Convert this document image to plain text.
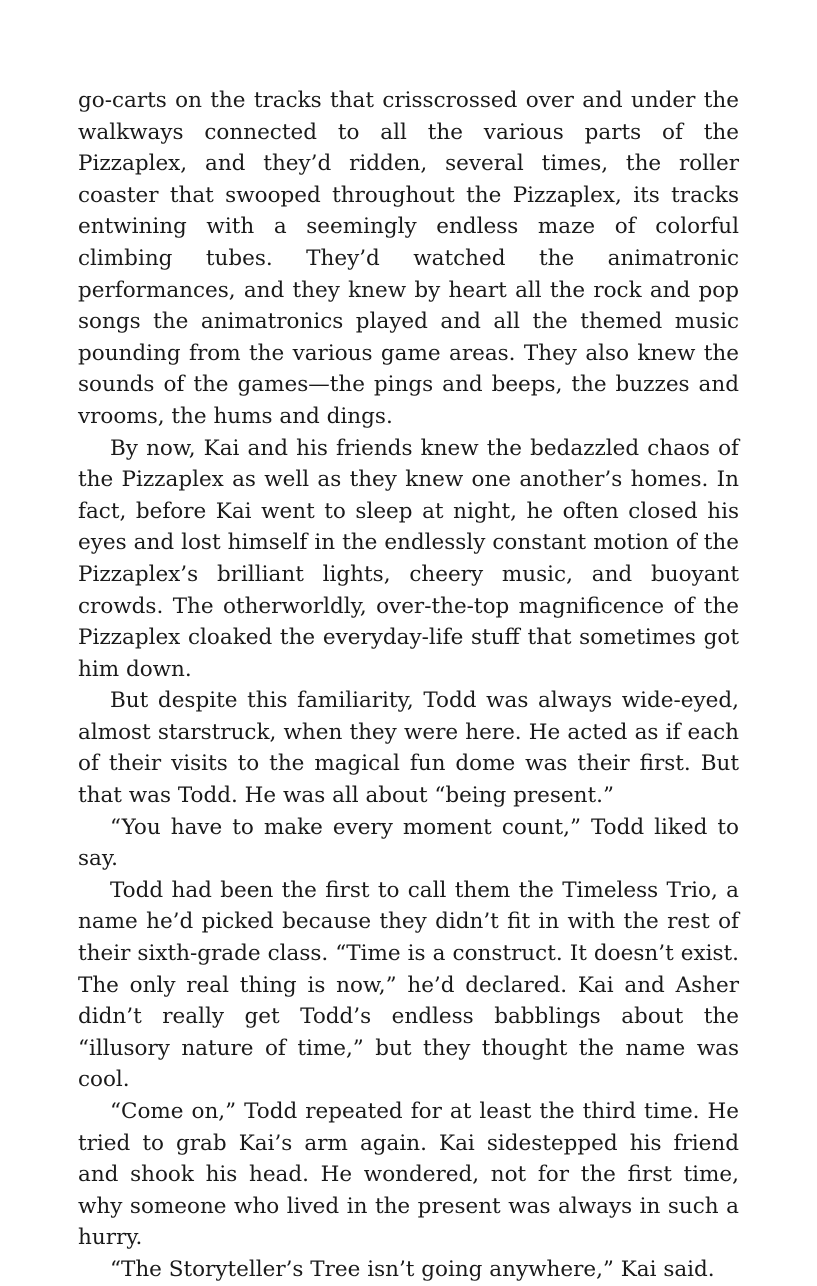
go-carts on the tracks that crisscrossed over and under the walkways connected to all the various parts of the Pizzaplex, and they’d ridden, several times, the roller coaster that swooped throughout the Pizzaplex, its tracks entwining with a seemingly endless maze of colorful climbing tubes. They’d watched the animatronic performances, and they knew by heart all the rock and pop songs the animatronics played and all the themed music pounding from the various game areas. They also knew the sounds of the games—the pings and beeps, the buzzes and vrooms, the hums and dings.

By now, Kai and his friends knew the bedazzled chaos of the Pizzaplex as well as they knew one another’s homes. In fact, before Kai went to sleep at night, he often closed his eyes and lost himself in the endlessly constant motion of the Pizzaplex’s brilliant lights, cheery music, and buoyant crowds. The otherworldly, over-the-top magnificence of the Pizzaplex cloaked the everyday-life stuff that sometimes got him down.

But despite this familiarity, Todd was always wide-eyed, almost starstruck, when they were here. He acted as if each of their visits to the magical fun dome was their first. But that was Todd. He was all about “being present.”

“You have to make every moment count,” Todd liked to say.

Todd had been the first to call them the Timeless Trio, a name he’d picked because they didn’t fit in with the rest of their sixth-grade class. “Time is a construct. It doesn’t exist. The only real thing is now,” he’d declared. Kai and Asher didn’t really get Todd’s endless babblings about the “illusory nature of time,” but they thought the name was cool.

“Come on,” Todd repeated for at least the third time. He tried to grab Kai’s arm again. Kai sidestepped his friend and shook his head. He wondered, not for the first time, why someone who lived in the present was always in such a hurry.

“The Storyteller’s Tree isn’t going anywhere,” Kai said.
